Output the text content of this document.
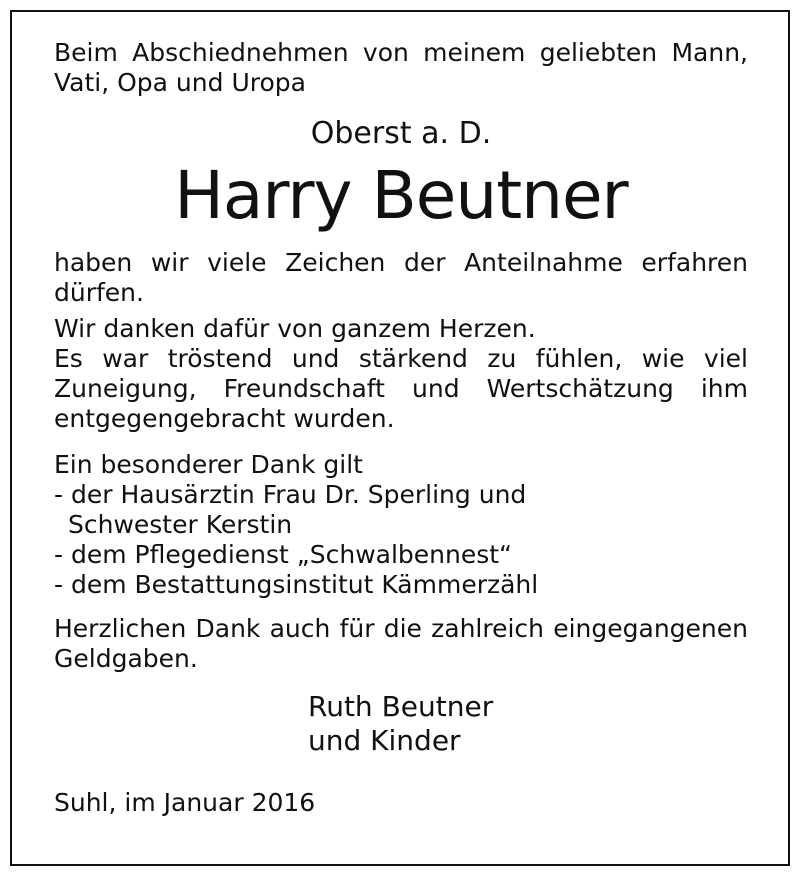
Beim Abschiednehmen von meinem geliebten Mann, Vati, Opa und Uropa

Oberst a. D.

Harry Beutner

haben wir viele Zeichen der Anteilnahme erfahren dürfen.

Wir danken dafür von ganzem Herzen.

Es war tröstend und stärkend zu fühlen, wie viel Zuneigung, Freundschaft und Wertschätzung ihm entgegengebracht wurden.

Ein besonderer Dank gilt

- der Hausärztin Frau Dr. Sperling und
Schwester Kerstin

- dem Pflegedienst „Schwalbennest“

- dem Bestattungsinstitut Kämmerzähl

Herzlichen Dank auch für die zahlreich eingegangenen Geldgaben.

Ruth Beutner

und Kinder

Suhl, im Januar 2016
